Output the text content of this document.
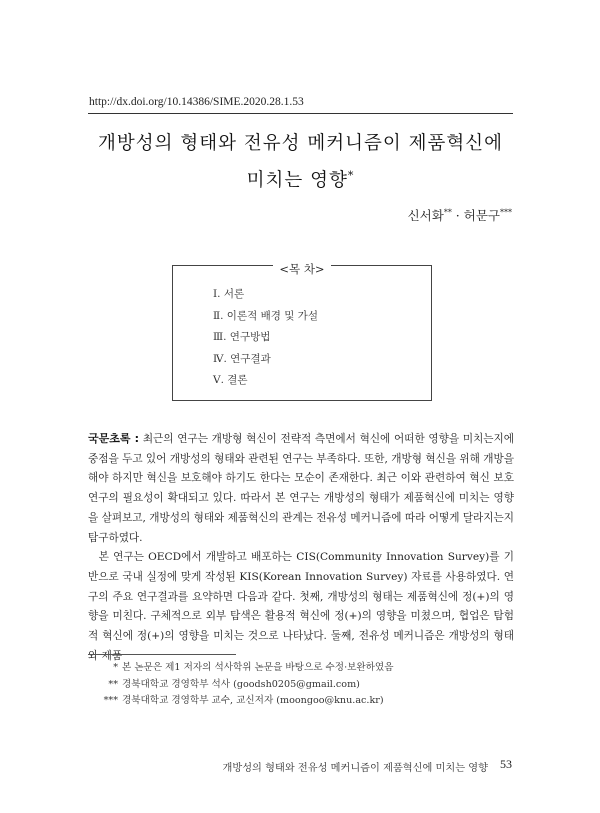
http://dx.doi.org/10.14386/SIME.2020.28.1.53
개방성의 형태와 전유성 메커니즘이 제품혁신에
미치는 영향*
신서화** · 허문구***
<목 차>
Ⅰ. 서론
Ⅱ. 이론적 배경 및 가설
Ⅲ. 연구방법
Ⅳ. 연구결과
Ⅴ. 결론

국문초록 : 최근의 연구는 개방형 혁신이 전략적 측면에서 혁신에 어떠한 영향을 미치는지에 중점을 두고 있어 개방성의 형태와 관련된 연구는 부족하다. 또한, 개방형 혁신을 위해 개방을 해야 하지만 혁신을 보호해야 하기도 한다는 모순이 존재한다. 최근 이와 관련하여 혁신 보호 연구의 필요성이 확대되고 있다. 따라서 본 연구는 개방성의 형태가 제품혁신에 미치는 영향을 살펴보고, 개방성의 형태와 제품혁신의 관계는 전유성 메커니즘에 따라 어떻게 달라지는지 탐구하였다.

본 연구는 OECD에서 개발하고 배포하는 CIS(Community Innovation Survey)를 기반으로 국내 실정에 맞게 작성된 KIS(Korean Innovation Survey) 자료를 사용하였다. 연구의 주요 연구결과를 요약하면 다음과 같다. 첫째, 개방성의 형태는 제품혁신에 정(+)의 영향을 미친다. 구체적으로 외부 탐색은 활용적 혁신에 정(+)의 영향을 미쳤으며, 협업은 탐험적 혁신에 정(+)의 영향을 미치는 것으로 나타났다. 둘째, 전유성 메커니즘은 개방성의 형태와 제품

* 본 논문은 제1 저자의 석사학위 논문을 바탕으로 수정·보완하였음
** 경북대학교 경영학부 석사 (goodsh0205@gmail.com)
*** 경북대학교 경영학부 교수, 교신저자 (moongoo@knu.ac.kr)
개방성의 형태와 전유성 메커니즘이 제품혁신에 미치는 영향 53
